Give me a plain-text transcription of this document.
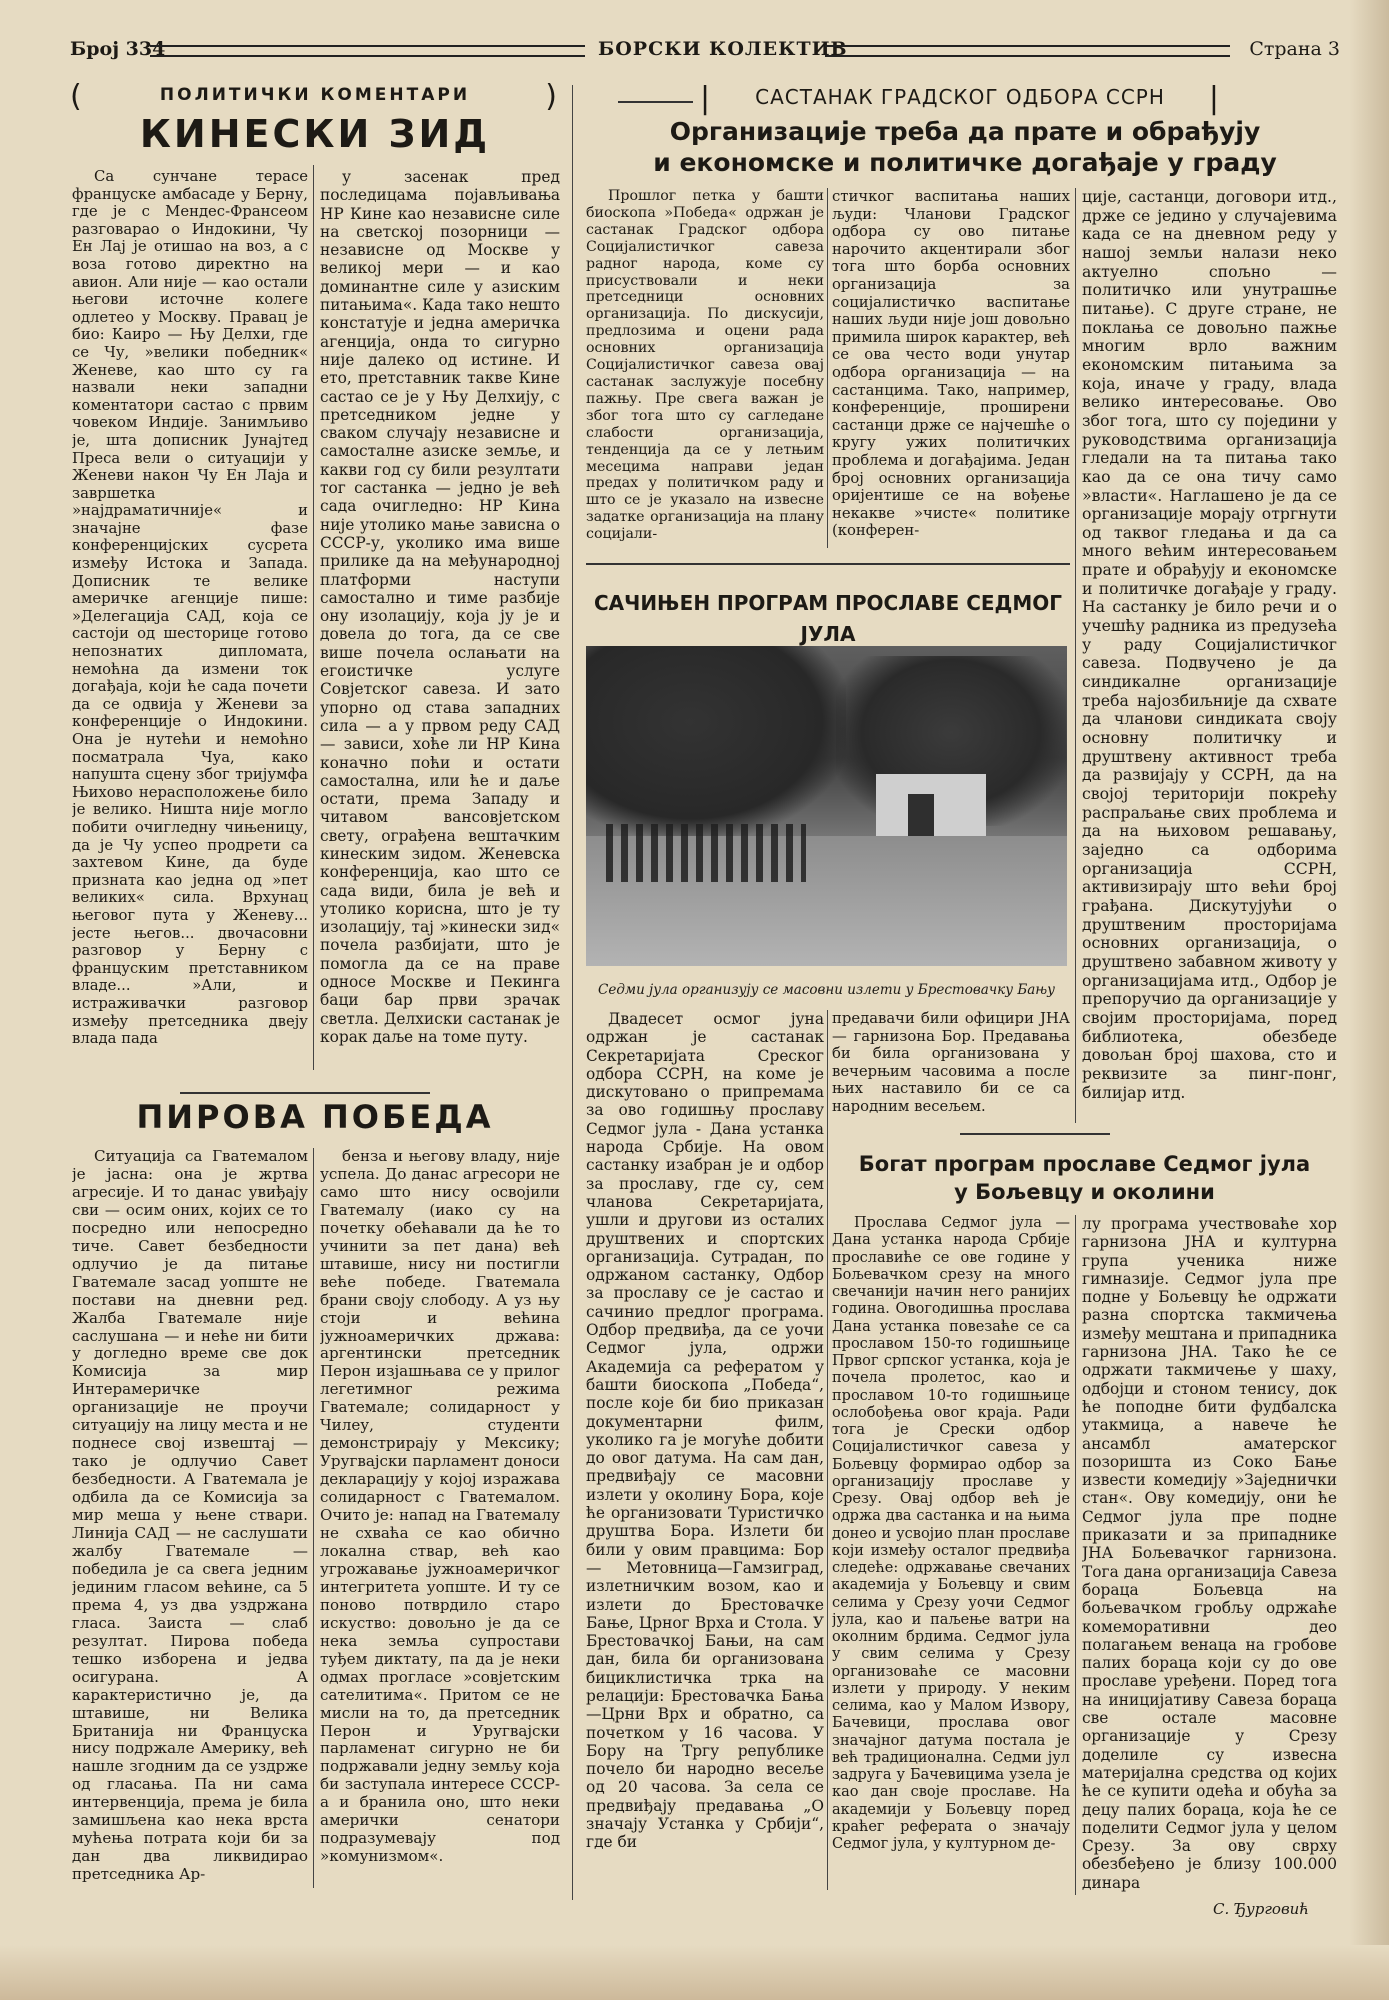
Број 334	БОРСКИ КОЛЕКТИВ	Страна 3
(	ПОЛИТИЧКИ КОМЕНТАРИ	)
КИНЕСКИ ЗИД

Са сунчане терасе француске амбасаде у Берну, где је с Мендес-Франсеом разговарао о Индокини, Чу Ен Лај је отишао на воз, а с воза готово директно на авион. Али није — као остали његови источне колеге одлетео у Москву. Правац је био: Каиро — Њу Делхи, где се Чу, »велики победник« Женеве, као што су га назвали неки западни коментатори састао с првим човеком Индије. Занимљиво је, шта дописник Јунајтед Преса вели о ситуацији у Женеви након Чу Ен Лаја и завршетка »најдраматичније« и значајне фазе конференцијских сусрета између Истока и Запада. Дописник те велике америчке агенције пише: »Делегација САД, која се састоји од шесторице готово непознатих дипломата, немоћна да измени ток догађаја, који ће сада почети да се одвија у Женеви за конференције о Индокини. Она је нутећи и немоћно посматрала Чуа, како напушта сцену због тријумфа Њихово нерасположење било је велико. Ништа није могло побити очигледну чињеницу, да је Чу успео продрети са захтевом Кине, да буде призната као једна од »пет великих« сила. Врхунац његовог пута у Женеву... јесте његов... двочасовни разговор у Берну с француским претставником владе... »Али, и истраживачки разговор између претседника двеју влада пада

у засенак пред последицама појављивања НР Кине као независне силе на светској позорници — независне од Москве у великој мери — и као доминантне силе у азиским питањима«. Када тако нешто констатује и једна америчка агенција, онда то сигурно није далеко од истине. И ето, претставник такве Кине састао се је у Њу Делхију, с претседником једне у сваком случају независне и самосталне азиске земље, и какви год су били резултати тог састанка — једно је већ сада очигледно: НР Кина није утолико мање зависна о СССР-у, уколико има више прилике да на међународној платформи наступи самостално и тиме разбије ону изолацију, која ју је и довела до тога, да се све више почела ослањати на егоистичке услуге Совјетског савеза. И зато упорно од става западних сила — а у првом реду САД — зависи, хоће ли НР Кина коначно поћи и остати самостална, или ће и даље остати, према Западу и читавом вансовјетском свету, ограђена вештачким кинеским зидом. Женевска конференција, као што се сада види, била је већ и утолико корисна, што је ту изолацију, тај »кинески зид« почела разбијати, што је помогла да се на праве односе Москве и Пекинга баци бар први зрачак светла. Делхиски састанак је корак даље на томе путу.

ПИРОВА ПОБЕДА

Ситуација са Гватемалом је јасна: она је жртва агресије. И то данас увиђају сви — осим оних, којих се то посредно или непосредно тиче. Савет безбедности одлучио је да питање Гватемале засад уопште не постави на дневни ред. Жалба Гватемале није саслушана — и неће ни бити у догледно време све док Комисија за мир Интерамеричке организације не проучи ситуацију на лицу места и не поднесе свој извештај — тако је одлучио Савет безбедности. А Гватемала је одбила да се Комисија за мир меша у њене ствари. Линија САД — не саслушати жалбу Гватемале — победила је са свега једним јединим гласом већине, са 5 према 4, уз два уздржана гласа. Заиста — слаб резултат. Пирова победа тешко изборена и једва осигурана. А карактеристично је, да штавише, ни Велика Британија ни Француска нису подржале Америку, већ нашле згодним да се уздрже од гласања. Па ни сама интервенција, према је била замишљена као нека врста мућења потрата који би за дан два ликвидирао претседника Ар-

бенза и његову владу, није успела. До данас агресори не само што нису освојили Гватемалу (иако су на почетку обећавали да ће то учинити за пет дана) већ штавише, нису ни постигли веће победе. Гватемала брани своју слободу. А уз њу стоји и већина јужноамеричких држава: аргентински претседник Перон изјашњава се у прилог легетимног режима Гватемале; солидарност у Чилеу, студенти демонстрирају у Мексику; Уругвајски парламент доноси декларацију у којој изражава солидарност с Гватемалом. Очито је: напад на Гватемалу не схваћа се као обично локална ствар, већ као угрожавање јужноамеричког интегритета уопште. И ту се поново потврдило старо искуство: довољно је да се нека земља супростави туђем диктату, па да је неки одмах прогласе »совјетским сателитима«. Притом се не мисли на то, да претседник Перон и Уругвајски парламенат сигурно не би подржавали једну земљу која би заступала интересе СССР-а и бранила оно, што неки амерички сенатори подразумевају под »комунизмом«.

| САСТАНАК ГРАДСКОГ ОДБОРА ССРН |
Организације треба да прате и обрађују
и економске и политичке догађаје у граду

Прошлог петка у башти биоскопа »Победа« одржан је састанак Градског одбора Социјалистичког савеза радног народа, коме су присуствовали и неки претседници основних организација. По дискусији, предлозима и оцени рада основних организација Социјалистичког савеза овај састанак заслужује посебну пажњу. Пре свега важан је због тога што су сагледане слабости организација, тенденција да се у летњим месецима направи један предах у политичком раду и што се је указало на извесне задатке организација на плану социјали-

стичког васпитања наших људи: Чланови Градског одбора су ово питање нарочито акцентирали због тога што борба основних организација за социјалистичко васпитање наших људи није још довољно примила широк карактер, већ се ова често води унутар одбора организација — на састанцима. Тако, например, конференције, проширени састанци држе се најчешће о кругу ужих политичких проблема и догађајима. Један број основних организација оријентише се на вођење некакве »чисте« политике (конферен-

ције, састанци, договори итд., држе се једино у случајевима када се на дневном реду у нашој земљи налази неко актуелно спољно — политичко или унутрашње питање). С друге стране, не поклања се довољно пажње многим врло важним економским питањима за која, иначе у граду, влада велико интересовање. Ово због тога, што су поједини у руководствима организација гледали на та питања тако као да се она тичу само »власти«. Наглашено је да се организације морају отргнути од таквог гледања и да са много већим интересовањем прате и обрађују и економске и политичке догађаје у граду. На састанку је било речи и о учешћу радника из предузећа у раду Социјалистичког савеза. Подвучено је да синдикалне организације треба најозбиљније да схвате да чланови синдиката своју основну политичку и друштвену активност треба да развијају у ССРН, да на својој територији покрећу распраљање свих проблема и да на њиховом решавању, заједно са одборима организација ССРН, активизирају што већи број грађана. Дискутујући о друштвеним просторијама основних организација, о друштвено забавном животу у организацијама итд., Одбор је препоручио да организације у својим просторијама, поред библиотека, обезбеде довољан број шахова, сто и реквизите за пинг-понг, билијар итд.

САЧИЊЕН ПРОГРАМ ПРОСЛАВЕ СЕДМОГ ЈУЛА
Седми јула организују се масовни излети у Брестовачку Бању

Двадесет осмог јуна одржан је састанак Секретаријата Среског одбора ССРН, на коме је дискутовано о припремама за ово годишњу прославу Седмог јула - Дана устанка народа Србије. На овом састанку изабран је и одбор за прославу, где су, сем чланова Секретаријата, ушли и другови из осталих друштвених и спортских организација. Сутрадан, по одржаном састанку, Одбор за прославу се је састао и сачинио предлог програма. Одбор предвиђа, да се уочи Седмог јула, одржи Академија са рефератом у башти биоскопа „Победа“, после које би био приказан документарни филм, уколико га је могуће добити до овог датума. На сам дан, предвиђају се масовни излети у околину Бора, које ће организовати Туристичко друштва Бора. Излети би били у овим правцима: Бор — Метовница—Гамзиград, излетничким возом, као и излети до Брестовачке Бање, Црног Врха и Стола. У Брестовачкој Бањи, на сам дан, била би организована бициклистичка трка на релацији: Брестовачка Бања—Црни Врх и обратно, са почетком у 16 часова. У Бору на Тргу републике почело би народно весеље од 20 часова. За села се предвиђају предавања „О значају Устанка у Србији“, где би

предавачи били официри ЈНА — гарнизона Бор. Предавања би била организована у вечерњим часовима а после њих наставило би се са народним весељем.

Богат програм прославе Седмог јула
у Бољевцу и околини

Прослава Седмог јула — Дана устанка народа Србије прославиће се ове године у Бољевачком срезу на много свечанији начин него ранијих година. Овогодишња прослава Дана устанка повезаће се са прославом 150-то годишњице Првог српског устанка, која је почела пролетос, као и прославом 10-то годишњице ослобођења овог краја. Ради тога је Срески одбор Социјалистичког савеза у Бољевцу формирао одбор за организацију прославе у Срезу. Овај одбор већ је одржа два састанка и на њима донео и усвојио план прославе који између осталог предвиђа следеће: одржавање свечаних академија у Бољевцу и свим селима у Срезу уочи Седмог јула, као и паљење ватри на околним брдима. Седмог јула у свим селима у Срезу организоваће се масовни излети у природу. У неким селима, као у Малом Извору, Бачевици, прослава овог значајног датума постала је већ традиционална. Седми јул задруга у Бачевицима узела је као дан своје прославе. На академији у Бољевцу поред краћег реферата о значају Седмог јула, у културном де-

лу програма учествоваће хор гарнизона ЈНА и културна група ученика ниже гимназије. Седмог јула пре подне у Бољевцу ће одржати разна спортска такмичења између мештана и припадника гарнизона ЈНА. Тако ће се одржати такмичење у шаху, одбојци и стоном тенису, док ће поподне бити фудбалска утакмица, а навече ће ансамбл аматерског позоришта из Соко Бање извести комедију »Заједнички стан«. Ову комедију, они ће Седмог јула пре подне приказати и за припаднике ЈНА Бољевачког гарнизона. Тога дана организација Савеза бораца Бољевца на бољевачком гробљу одржаће комеморативни део полагањем венаца на гробове палих бораца који су до ове прославе уређени. Поред тога на иницијативу Савеза бораца све остале масовне организације у Срезу доделиле су извесна материјална средства од којих ће се купити одећа и обућа за децу палих бораца, која ће се поделити Седмог јула у целом Срезу. За ову сврху обезбеђено је близу 100.000 динара

С. Ђурговић
